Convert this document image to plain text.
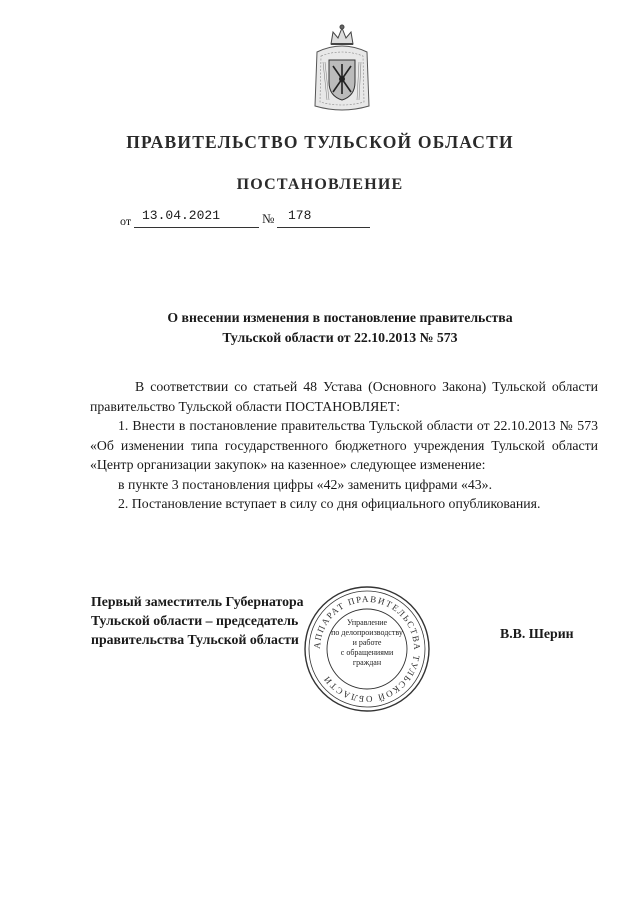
ПРАВИТЕЛЬСТВО ТУЛЬСКОЙ ОБЛАСТИ
ПОСТАНОВЛЕНИЕ
от 13.04.2021	№ 178
О внесении изменения в постановление правительства
Тульской области от 22.10.2013 № 573

В соответствии со статьей 48 Устава (Основного Закона) Тульской области правительство Тульской области ПОСТАНОВЛЯЕТ:

1. Внести в постановление правительства Тульской области от 22.10.2013 № 573 «Об изменении типа государственного бюджетного учреждения Тульской области «Центр организации закупок» на казенное» следующее изменение:

в пункте 3 постановления цифры «42» заменить цифрами «43».

2. Постановление вступает в силу со дня официального опубликования.

Первый заместитель Губернатора
Тульской области – председатель
правительства Тульской области	В.В. Шерин
АППАРАТ ПРАВИТЕЛЬСТВА ТУЛЬСКОЙ ОБЛАСТИ
Управление
по делопроизводству
и работе
с обращениями
граждан
